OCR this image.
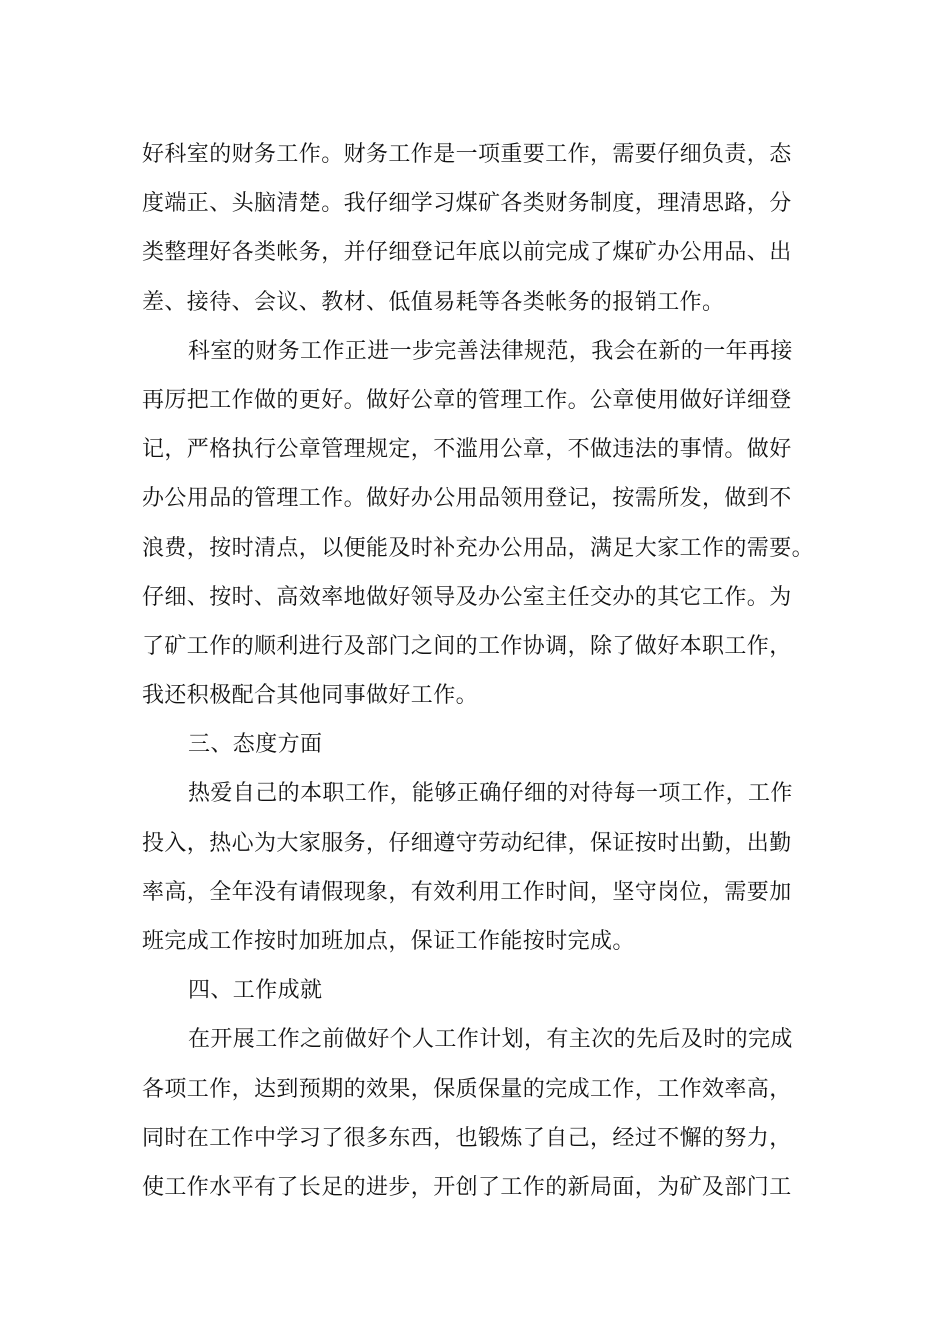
好科室的财务工作。财务工作是一项重要工作，需要仔细负责，态
度端正、头脑清楚。我仔细学习煤矿各类财务制度，理清思路，分
类整理好各类帐务，并仔细登记年底以前完成了煤矿办公用品、出
差、接待、会议、教材、低值易耗等各类帐务的报销工作。
科室的财务工作正进一步完善法律规范，我会在新的一年再接
再厉把工作做的更好。做好公章的管理工作。公章使用做好详细登
记，严格执行公章管理规定，不滥用公章，不做违法的事情。做好
办公用品的管理工作。做好办公用品领用登记，按需所发，做到不
浪费，按时清点，以便能及时补充办公用品，满足大家工作的需要。
仔细、按时、高效率地做好领导及办公室主任交办的其它工作。为
了矿工作的顺利进行及部门之间的工作协调，除了做好本职工作，
我还积极配合其他同事做好工作。
三、态度方面
热爱自己的本职工作，能够正确仔细的对待每一项工作，工作
投入，热心为大家服务，仔细遵守劳动纪律，保证按时出勤，出勤
率高，全年没有请假现象，有效利用工作时间，坚守岗位，需要加
班完成工作按时加班加点，保证工作能按时完成。
四、工作成就
在开展工作之前做好个人工作计划，有主次的先后及时的完成
各项工作，达到预期的效果，保质保量的完成工作，工作效率高，
同时在工作中学习了很多东西，也锻炼了自己，经过不懈的努力，
使工作水平有了长足的进步，开创了工作的新局面，为矿及部门工
